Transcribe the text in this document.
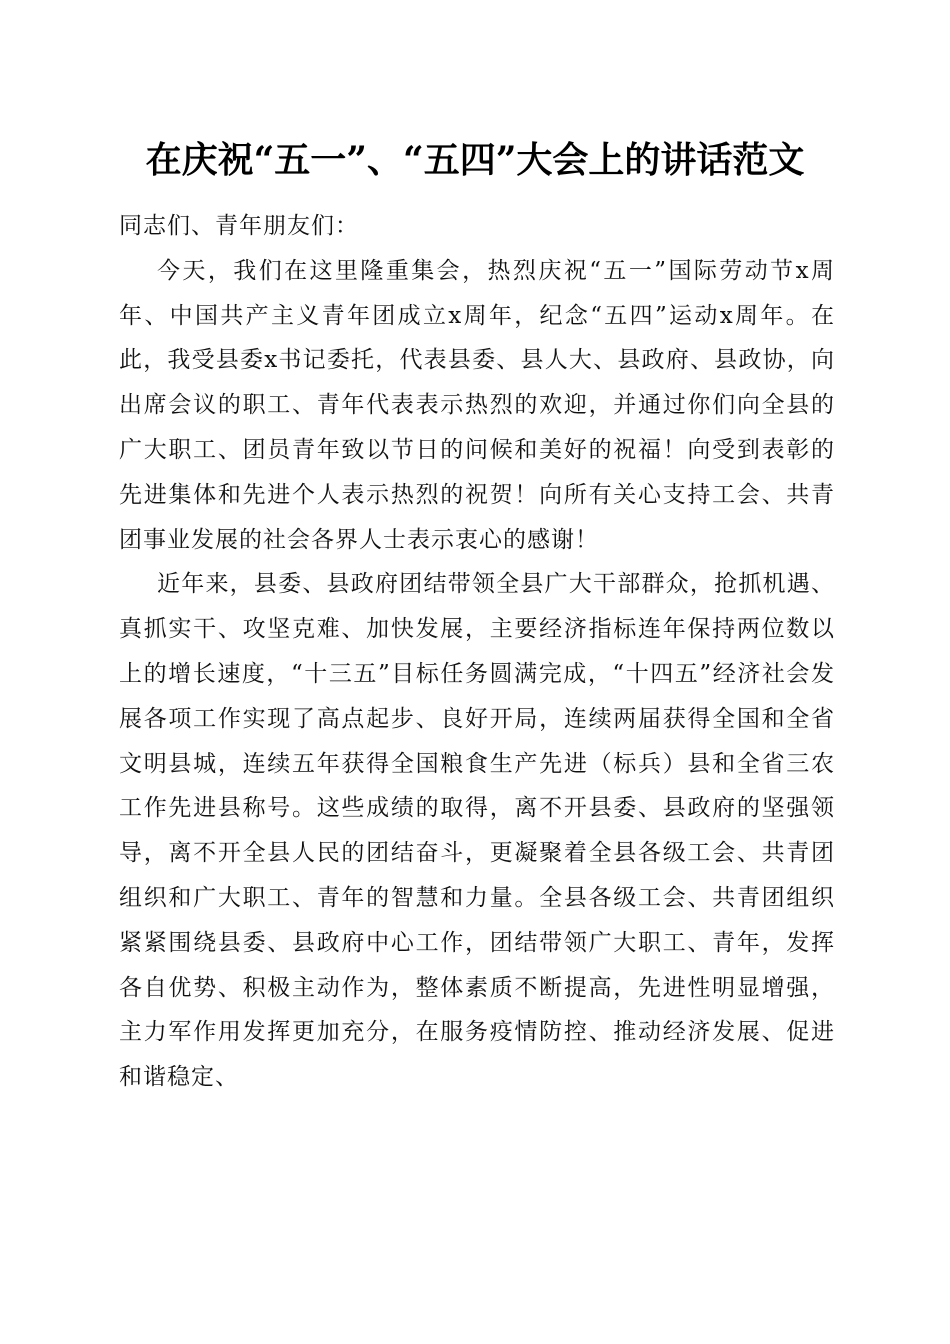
在庆祝“五一”、“五四”大会上的讲话范文

同志们、青年朋友们：

今天，我们在这里隆重集会，热烈庆祝“五一”国际劳动节x周年、中国共产主义青年团成立x周年，纪念“五四”运动x周年。在此，我受县委x书记委托，代表县委、县人大、县政府、县政协，向出席会议的职工、青年代表表示热烈的欢迎，并通过你们向全县的广大职工、团员青年致以节日的问候和美好的祝福！向受到表彰的先进集体和先进个人表示热烈的祝贺！向所有关心支持工会、共青团事业发展的社会各界人士表示衷心的感谢！

近年来，县委、县政府团结带领全县广大干部群众，抢抓机遇、真抓实干、攻坚克难、加快发展，主要经济指标连年保持两位数以上的增长速度，“十三五”目标任务圆满完成，“十四五”经济社会发展各项工作实现了高点起步、良好开局，连续两届获得全国和全省文明县城，连续五年获得全国粮食生产先进（标兵）县和全省三农工作先进县称号。这些成绩的取得，离不开县委、县政府的坚强领导，离不开全县人民的团结奋斗，更凝聚着全县各级工会、共青团组织和广大职工、青年的智慧和力量。全县各级工会、共青团组织紧紧围绕县委、县政府中心工作，团结带领广大职工、青年，发挥各自优势、积极主动作为，整体素质不断提高，先进性明显增强，主力军作用发挥更加充分，在服务疫情防控、推动经济发展、促进和谐稳定、
